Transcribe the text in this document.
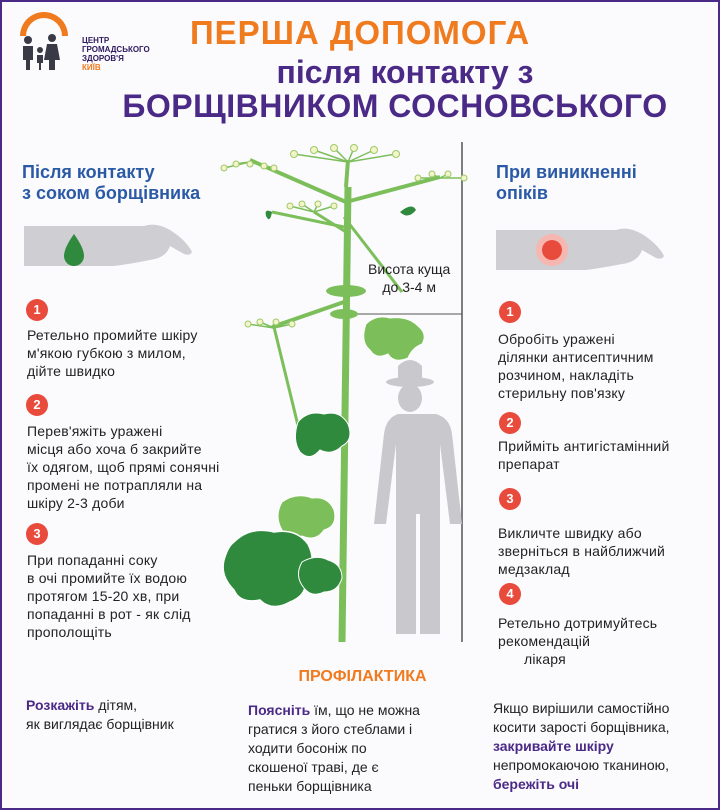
ЦЕНТР
ГРОМАДСЬКОГО
ЗДОРОВ'Я
КИЇВ
ПЕРША ДОПОМОГА
після контакту з
БОРЩІВНИКОМ СОСНОВСЬКОГО
Висота куща
до 3-4 м
Після контакту
з соком борщівника
1
Ретельно промийте шкіру
м'якою губкою з милом,
дійте швидко
2
Перев'яжіть уражені
місця або хоча б закрийте
їх одягом, щоб прямі сонячні
промені не потрапляли на
шкіру 2-3 доби
3
При попаданні соку
в очі промийте їх водою
протягом 15-20 хв, при
попаданні в рот - як слід
прополощіть
При виникненні
опіків
1
Обробіть уражені
ділянки антисептичним
розчином, накладіть
стерильну пов'язку
2
Прийміть антигістамінний
препарат
3
Викличте швидку або
зверніться в найближчий
медзаклад
4
Ретельно дотримуйтесь
рекомендацій
лікаря
ПРОФІЛАКТИКА
Розкажіть дітям,
як виглядає борщівник
Поясніть їм, що не можна
гратися з його стеблами і
ходити босоніж по
скошеної траві, де є
пеньки борщівника
Якщо вирішили самостійно
косити зарості борщівника,
закривайте шкіру
непромокаючою тканиною,
бережіть очі
